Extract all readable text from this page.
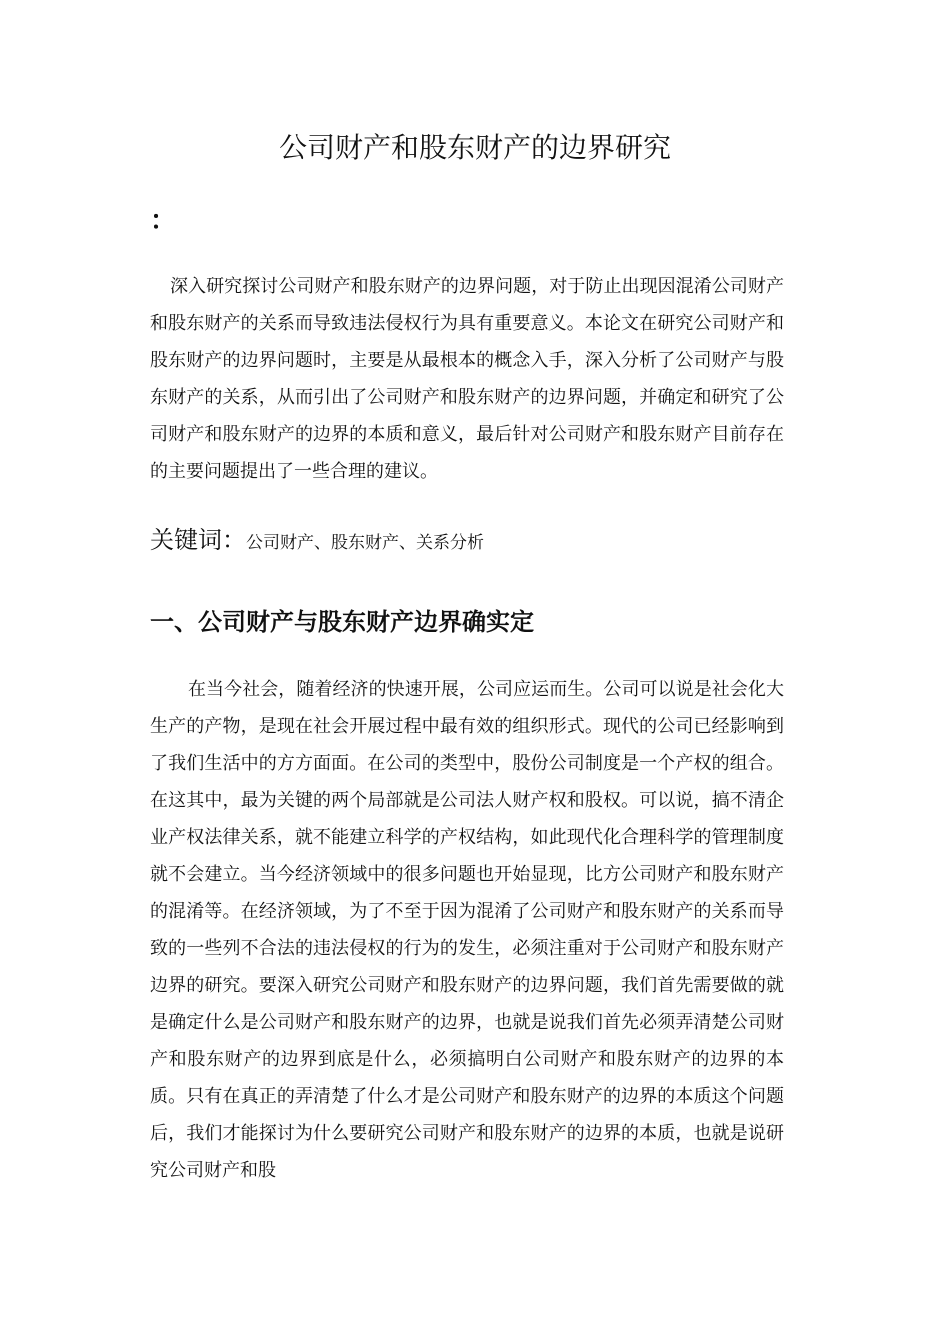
公司财产和股东财产的边界研究
：

深入研究探讨公司财产和股东财产的边界问题，对于防止出现因混淆公司财产和股东财产的关系而导致违法侵权行为具有重要意义。本论文在研究公司财产和股东财产的边界问题时，主要是从最根本的概念入手，深入分析了公司财产与股东财产的关系，从而引出了公司财产和股东财产的边界问题，并确定和研究了公司财产和股东财产的边界的本质和意义，最后针对公司财产和股东财产目前存在的主要问题提出了一些合理的建议。

关键词：公司财产、股东财产、关系分析

一、公司财产与股东财产边界确实定

在当今社会，随着经济的快速开展，公司应运而生。公司可以说是社会化大生产的产物，是现在社会开展过程中最有效的组织形式。现代的公司已经影响到了我们生活中的方方面面。在公司的类型中，股份公司制度是一个产权的组合。在这其中，最为关键的两个局部就是公司法人财产权和股权。可以说，搞不清企业产权法律关系，就不能建立科学的产权结构，如此现代化合理科学的管理制度就不会建立。当今经济领域中的很多问题也开始显现，比方公司财产和股东财产的混淆等。在经济领域，为了不至于因为混淆了公司财产和股东财产的关系而导致的一些列不合法的违法侵权的行为的发生，必须注重对于公司财产和股东财产边界的研究。要深入研究公司财产和股东财产的边界问题，我们首先需要做的就是确定什么是公司财产和股东财产的边界，也就是说我们首先必须弄清楚公司财产和股东财产的边界到底是什么，必须搞明白公司财产和股东财产的边界的本质。只有在真正的弄清楚了什么才是公司财产和股东财产的边界的本质这个问题后，我们才能探讨为什么要研究公司财产和股东财产的边界的本质，也就是说研究公司财产和股
